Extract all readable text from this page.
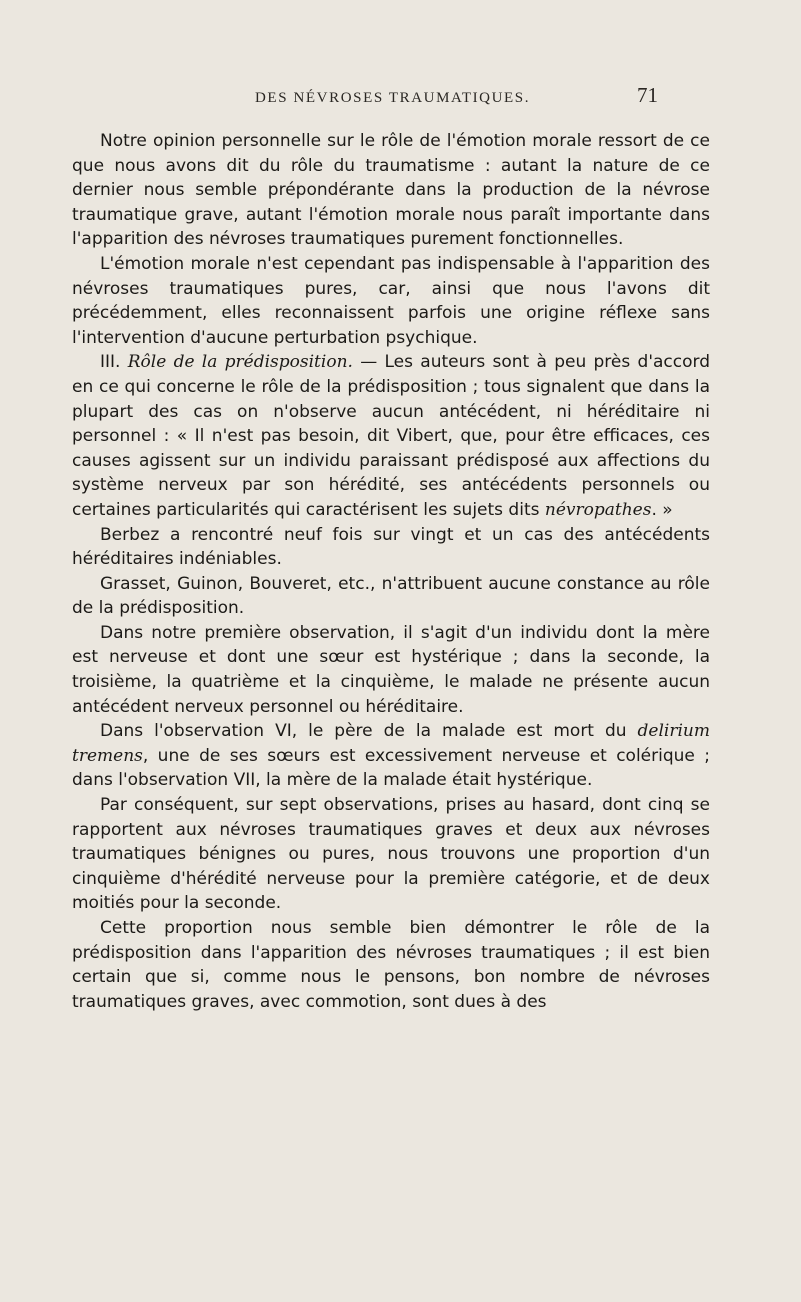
DES NÉVROSES TRAUMATIQUES.	71

Notre opinion personnelle sur le rôle de l'émotion morale ressort de ce que nous avons dit du rôle du traumatisme : autant la nature de ce dernier nous semble prépondérante dans la production de la névrose traumatique grave, autant l'émotion morale nous paraît importante dans l'apparition des névroses traumatiques purement fonctionnelles.

L'émotion morale n'est cependant pas indispensable à l'apparition des névroses traumatiques pures, car, ainsi que nous l'avons dit précédemment, elles reconnaissent parfois une origine réflexe sans l'intervention d'aucune perturbation psychique.

III. Rôle de la prédisposition. — Les auteurs sont à peu près d'accord en ce qui concerne le rôle de la prédisposition ; tous signalent que dans la plupart des cas on n'observe aucun antécédent, ni héréditaire ni personnel : « Il n'est pas besoin, dit Vibert, que, pour être efficaces, ces causes agissent sur un individu paraissant prédisposé aux affections du système nerveux par son hérédité, ses antécédents personnels ou certaines particularités qui caractérisent les sujets dits névropathes. »

Berbez a rencontré neuf fois sur vingt et un cas des antécédents héréditaires indéniables.

Grasset, Guinon, Bouveret, etc., n'attribuent aucune constance au rôle de la prédisposition.

Dans notre première observation, il s'agit d'un individu dont la mère est nerveuse et dont une sœur est hystérique ; dans la seconde, la troisième, la quatrième et la cinquième, le malade ne présente aucun antécédent nerveux personnel ou héréditaire.

Dans l'observation VI, le père de la malade est mort du delirium tremens, une de ses sœurs est excessivement nerveuse et colérique ; dans l'observation VII, la mère de la malade était hystérique.

Par conséquent, sur sept observations, prises au hasard, dont cinq se rapportent aux névroses traumatiques graves et deux aux névroses traumatiques bénignes ou pures, nous trouvons une proportion d'un cinquième d'hérédité nerveuse pour la première catégorie, et de deux moitiés pour la seconde.

Cette proportion nous semble bien démontrer le rôle de la prédisposition dans l'apparition des névroses traumatiques ; il est bien certain que si, comme nous le pensons, bon nombre de névroses traumatiques graves, avec commotion, sont dues à des
